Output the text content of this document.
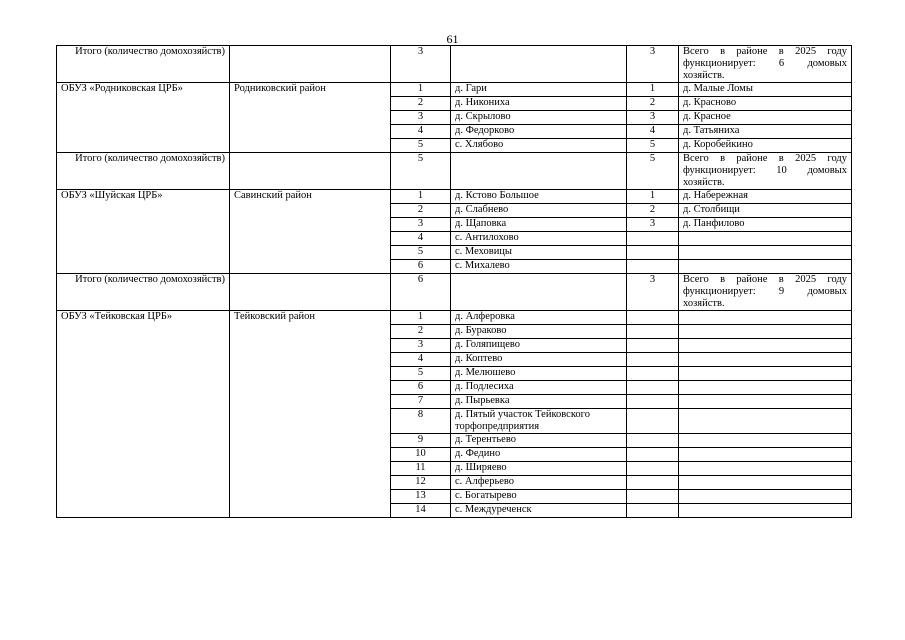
61
Итого (количество домохозяйств)		3		3	Всего в районе в 2025 году функционирует: 6 домовых хозяйств.
ОБУЗ «Родниковская ЦРБ»	Родниковский район	1	д. Гари	1	д. Малые Ломы
		2	д. Никониха	2	д. Красново
		3	д. Скрылово	3	д. Красное
		4	д. Федорково	4	д. Татьяниха
		5	с. Хлябово	5	д. Коробейкино
Итого (количество домохозяйств)		5		5	Всего в районе в 2025 году функционирует: 10 домовых хозяйств.
ОБУЗ «Шуйская ЦРБ»	Савинский район	1	д. Кстово Большое	1	д. Набережная
		2	д. Слабнево	2	д. Столбищи
		3	д. Щаповка	3	д. Панфилово
		4	с. Антилохово		
		5	с. Меховицы		
		6	с. Михалево		
Итого (количество домохозяйств)		6		3	Всего в районе в 2025 году функционирует: 9 домовых хозяйств.
ОБУЗ «Тейковская ЦРБ»	Тейковский район	1	д. Алферовка		
		2	д. Бураково		
		3	д. Голяпищево		
		4	д. Коптево		
		5	д. Мелюшево		
		6	д. Подлесиха		
		7	д. Пырьевка		
		8	д. Пятый участок Тейковского торфопредприятия		
		9	д. Терентьево		
		10	д. Федино		
		11	д. Ширяево		
		12	с. Алферьево		
		13	с. Богатырево		
		14	с. Междуреченск		
